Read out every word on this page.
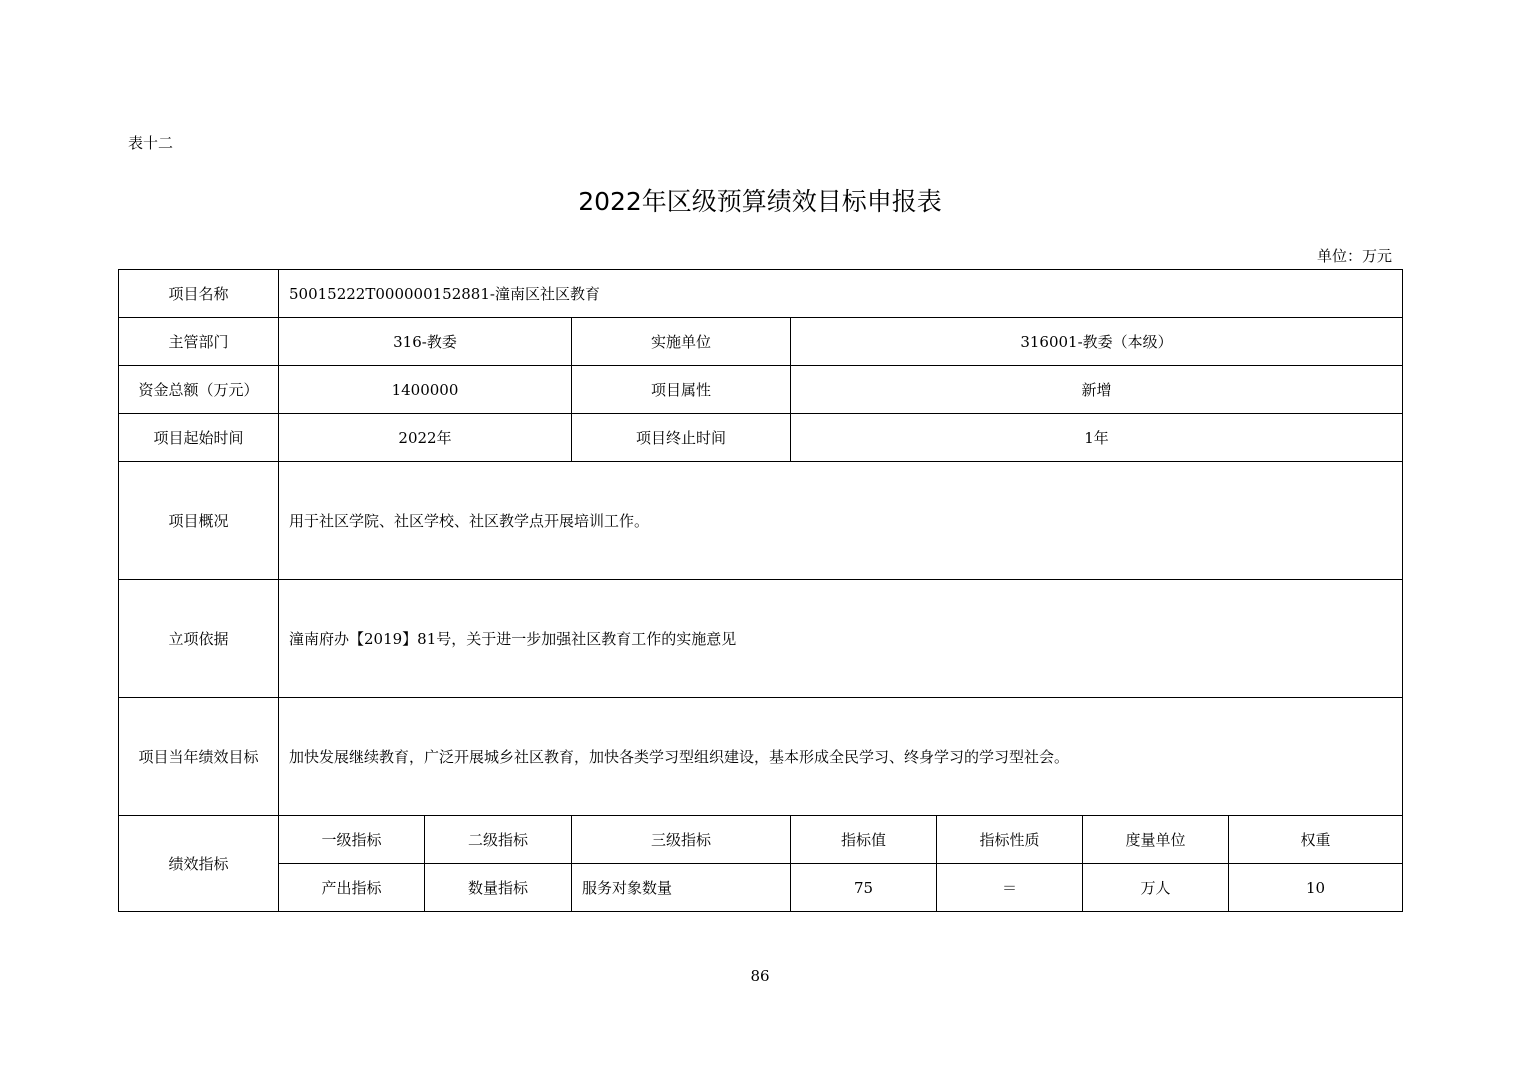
表十二
2022年区级预算绩效目标申报表
单位：万元
项目名称	50015222T000000152881-潼南区社区教育						
主管部门	316-教委		实施单位	316001-教委（本级）			
资金总额（万元）	1400000		项目属性	新增			
项目起始时间	2022年		项目终止时间	1年			
项目概况	用于社区学院、社区学校、社区教学点开展培训工作。						
立项依据	潼南府办【2019】81号，关于进一步加强社区教育工作的实施意见						
项目当年绩效目标	加快发展继续教育，广泛开展城乡社区教育，加快各类学习型组织建设，基本形成全民学习、终身学习的学习型社会。						
绩效指标	一级指标	二级指标	三级指标	指标值	指标性质	度量单位	权重
	产出指标	数量指标	服务对象数量	75	＝	万人	10
86
